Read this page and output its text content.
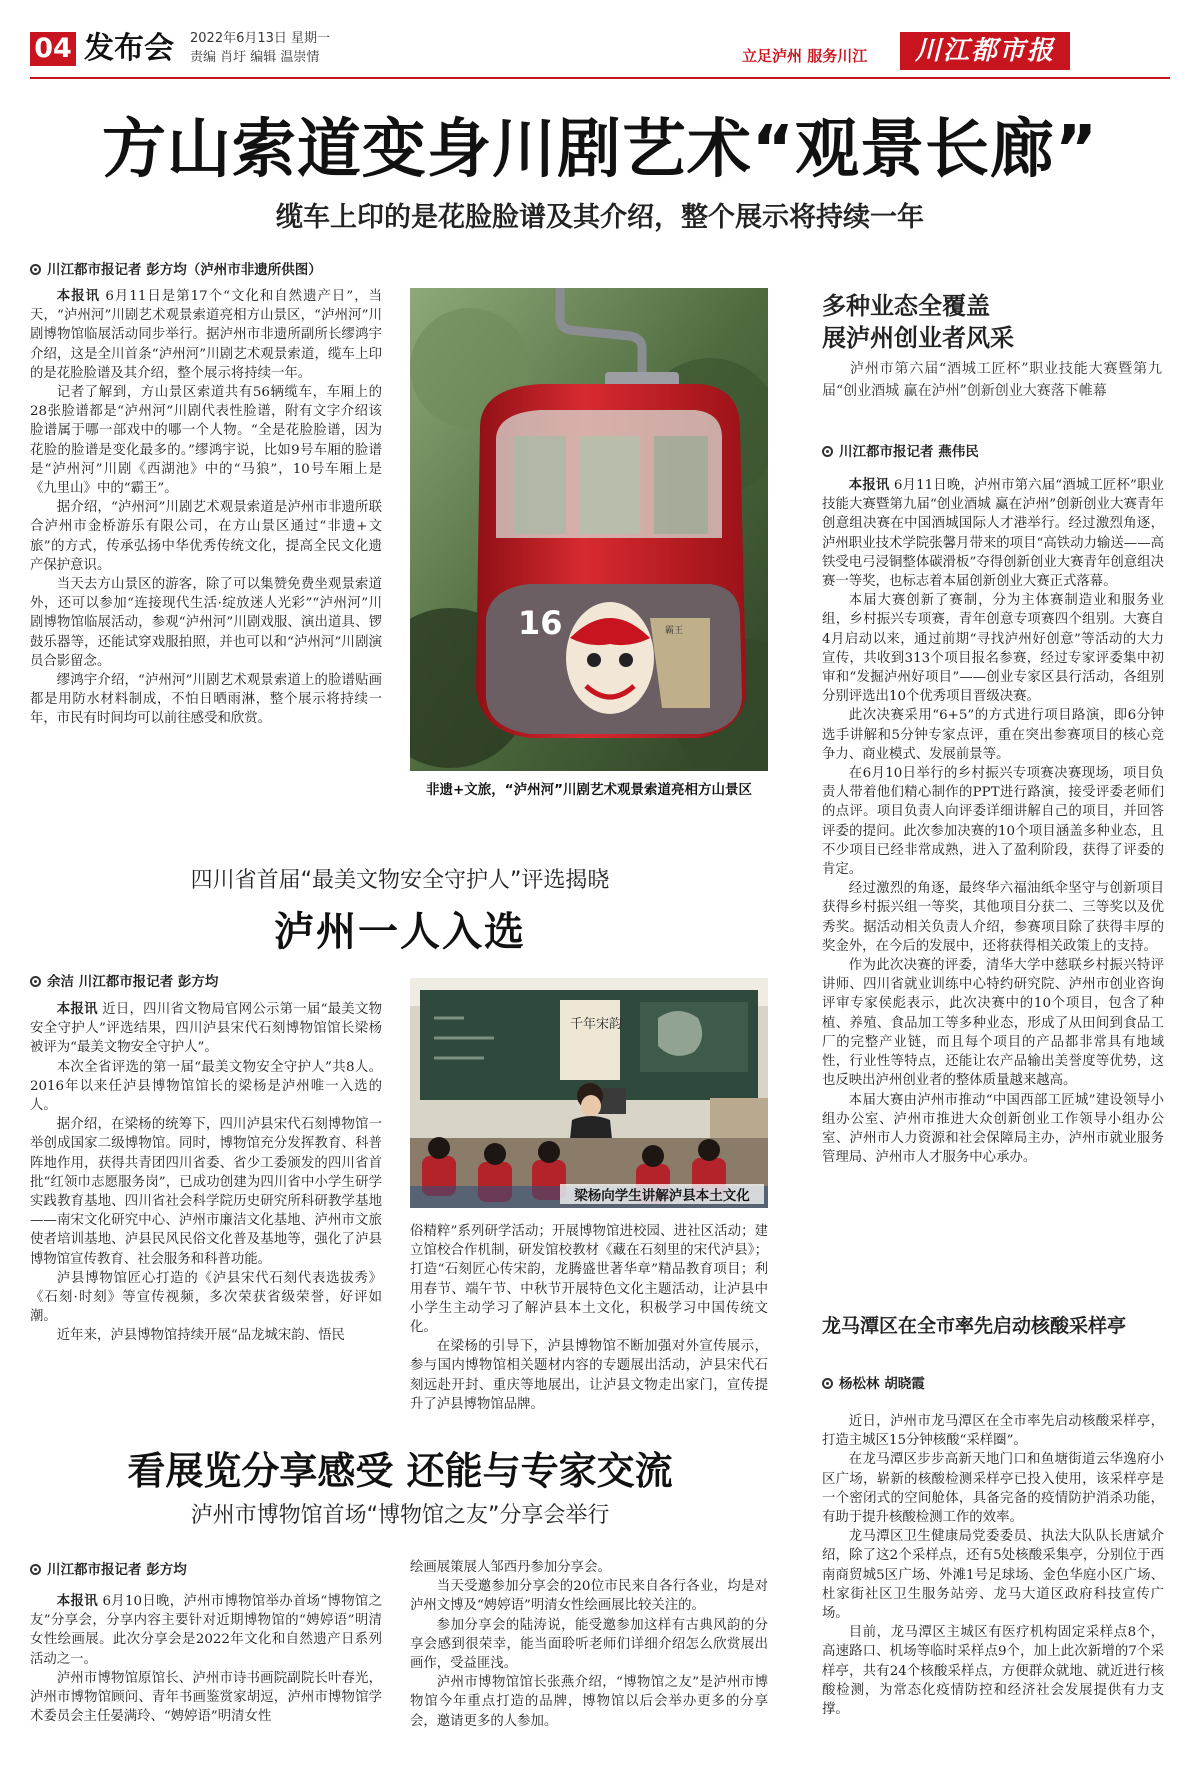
04 发布会 2022年6月13日 星期一
责编 肖圩 编辑 温崇情	立足泸州 服务川江	川江都市报
方山索道变身川剧艺术“观景长廊”
缆车上印的是花脸脸谱及其介绍，整个展示将持续一年
川江都市报记者 彭方均（泸州市非遗所供图）

本报讯 6月11日是第17个“文化和自然遗产日”，当天，“泸州河”川剧艺术观景索道亮相方山景区，“泸州河”川剧博物馆临展活动同步举行。据泸州市非遗所副所长缪鸿宇介绍，这是全川首条“泸州河”川剧艺术观景索道，缆车上印的是花脸脸谱及其介绍，整个展示将持续一年。

记者了解到，方山景区索道共有56辆缆车，车厢上的28张脸谱都是“泸州河”川剧代表性脸谱，附有文字介绍该脸谱属于哪一部戏中的哪一个人物。“全是花脸脸谱，因为花脸的脸谱是变化最多的。”缪鸿宇说，比如9号车厢的脸谱是“泸州河”川剧《西湖池》中的“马狼”，10号车厢上是《九里山》中的“霸王”。

据介绍，“泸州河”川剧艺术观景索道是泸州市非遗所联合泸州市金桥游乐有限公司，在方山景区通过“非遗+文旅”的方式，传承弘扬中华优秀传统文化，提高全民文化遗产保护意识。

当天去方山景区的游客，除了可以集赞免费坐观景索道外，还可以参加“连接现代生活·绽放迷人光彩”“泸州河”川剧博物馆临展活动，参观“泸州河”川剧戏服、演出道具、锣鼓乐器等，还能试穿戏服拍照，并也可以和“泸州河”川剧演员合影留念。

缪鸿宇介绍，“泸州河”川剧艺术观景索道上的脸谱贴画都是用防水材料制成，不怕日晒雨淋，整个展示将持续一年，市民有时间均可以前往感受和欣赏。

16	霸王
非遗+文旅，“泸州河”川剧艺术观景索道亮相方山景区
多种业态全覆盖
展泸州创业者风采
泸州市第六届“酒城工匠杯”职业技能大赛暨第九届“创业酒城 赢在泸州”创新创业大赛落下帷幕
川江都市报记者 燕伟民

本报讯 6月11日晚，泸州市第六届“酒城工匠杯”职业技能大赛暨第九届“创业酒城 赢在泸州”创新创业大赛青年创意组决赛在中国酒城国际人才港举行。经过激烈角逐，泸州职业技术学院张馨月带来的项目“高铁动力输送——高铁受电弓浸铜整体碳滑板”夺得创新创业大赛青年创意组决赛一等奖，也标志着本届创新创业大赛正式落幕。

本届大赛创新了赛制，分为主体赛制造业和服务业组，乡村振兴专项赛，青年创意专项赛四个组别。大赛自4月启动以来，通过前期“寻找泸州好创意”等活动的大力宣传，共收到313个项目报名参赛，经过专家评委集中初审和“发掘泸州好项目”——创业专家区县行活动，各组别分别评选出10个优秀项目晋级决赛。

此次决赛采用“6+5”的方式进行项目路演，即6分钟选手讲解和5分钟专家点评，重在突出参赛项目的核心竞争力、商业模式、发展前景等。

在6月10日举行的乡村振兴专项赛决赛现场，项目负责人带着他们精心制作的PPT进行路演，接受评委老师们的点评。项目负责人向评委详细讲解自己的项目，并回答评委的提问。此次参加决赛的10个项目涵盖多种业态，且不少项目已经非常成熟，进入了盈利阶段，获得了评委的肯定。

经过激烈的角逐，最终华六福油纸伞坚守与创新项目获得乡村振兴组一等奖，其他项目分获二、三等奖以及优秀奖。据活动相关负责人介绍，参赛项目除了获得丰厚的奖金外，在今后的发展中，还将获得相关政策上的支持。

作为此次决赛的评委，清华大学中慈联乡村振兴特评讲师、四川省就业训练中心特约研究院、泸州市创业咨询评审专家侯彪表示，此次决赛中的10个项目，包含了种植、养殖、食品加工等多种业态，形成了从田间到食品工厂的完整产业链，而且每个项目的产品都非常具有地域性，行业性等特点，还能让农产品输出美誉度等优势，这也反映出泸州创业者的整体质量越来越高。

本届大赛由泸州市推动“中国西部工匠城”建设领导小组办公室、泸州市推进大众创新创业工作领导小组办公室、泸州市人力资源和社会保障局主办，泸州市就业服务管理局、泸州市人才服务中心承办。

四川省首届“最美文物安全守护人”评选揭晓
泸州一人入选
余洁 川江都市报记者 彭方均

本报讯 近日，四川省文物局官网公示第一届“最美文物安全守护人”评选结果，四川泸县宋代石刻博物馆馆长梁杨被评为“最美文物安全守护人”。

本次全省评选的第一届“最美文物安全守护人”共8人。2016年以来任泸县博物馆馆长的梁杨是泸州唯一入选的人。

据介绍，在梁杨的统筹下，四川泸县宋代石刻博物馆一举创成国家二级博物馆。同时，博物馆充分发挥教育、科普阵地作用，获得共青团四川省委、省少工委颁发的四川省首批“红领巾志愿服务岗”，已成功创建为四川省中小学生研学实践教育基地、四川省社会科学院历史研究所科研教学基地——南宋文化研究中心、泸州市廉洁文化基地、泸州市文旅使者培训基地、泸县民风民俗文化普及基地等，强化了泸县博物馆宣传教育、社会服务和科普功能。

泸县博物馆匠心打造的《泸县宋代石刻代表选拔秀》《石刻·时刻》等宣传视频，多次荣获省级荣誉，好评如潮。

近年来，泸县博物馆持续开展“品龙城宋韵、悟民

千年宋韵
梁杨向学生讲解泸县本土文化

俗精粹”系列研学活动；开展博物馆进校园、进社区活动；建立馆校合作机制，研发馆校教材《藏在石刻里的宋代泸县》；打造“石刻匠心传宋韵，龙腾盛世著华章”精品教育项目；利用春节、端午节、中秋节开展特色文化主题活动，让泸县中小学生主动学习了解泸县本土文化，积极学习中国传统文化。

在梁杨的引导下，泸县博物馆不断加强对外宣传展示，参与国内博物馆相关题材内容的专题展出活动，泸县宋代石刻远赴开封、重庆等地展出，让泸县文物走出家门，宣传提升了泸县博物馆品牌。

龙马潭区在全市率先启动核酸采样亭
杨松林 胡晓霞

近日，泸州市龙马潭区在全市率先启动核酸采样亭，打造主城区15分钟核酸“采样圈”。

在龙马潭区步步高新天地门口和鱼塘街道云华逸府小区广场，崭新的核酸检测采样亭已投入使用，该采样亭是一个密闭式的空间舱体，具备完备的疫情防护消杀功能，有助于提升核酸检测工作的效率。

龙马潭区卫生健康局党委委员、执法大队队长唐斌介绍，除了这2个采样点，还有5处核酸采集亭，分别位于西南商贸城5区广场、外滩1号足球场、金色华庭小区广场、杜家街社区卫生服务站旁、龙马大道区政府科技宣传广场。

目前，龙马潭区主城区有医疗机构固定采样点8个，高速路口、机场等临时采样点9个，加上此次新增的7个采样亭，共有24个核酸采样点，方便群众就地、就近进行核酸检测，为常态化疫情防控和经济社会发展提供有力支撑。

看展览分享感受 还能与专家交流
泸州市博物馆首场“博物馆之友”分享会举行
川江都市报记者 彭方均

本报讯 6月10日晚，泸州市博物馆举办首场“博物馆之友”分享会，分享内容主要针对近期博物馆的“娉婷语”明清女性绘画展。此次分享会是2022年文化和自然遗产日系列活动之一。

泸州市博物馆原馆长、泸州市诗书画院副院长叶春光，泸州市博物馆顾问、青年书画鉴赏家胡逗，泸州市博物馆学术委员会主任晏满玲、“娉婷语”明清女性

绘画展策展人邹西丹参加分享会。

当天受邀参加分享会的20位市民来自各行各业，均是对泸州文博及“娉婷语”明清女性绘画展比较关注的。

参加分享会的陆涛说，能受邀参加这样有古典风韵的分享会感到很荣幸，能当面聆听老师们详细介绍怎么欣赏展出画作，受益匪浅。

泸州市博物馆馆长张燕介绍，“博物馆之友”是泸州市博物馆今年重点打造的品牌，博物馆以后会举办更多的分享会，邀请更多的人参加。
